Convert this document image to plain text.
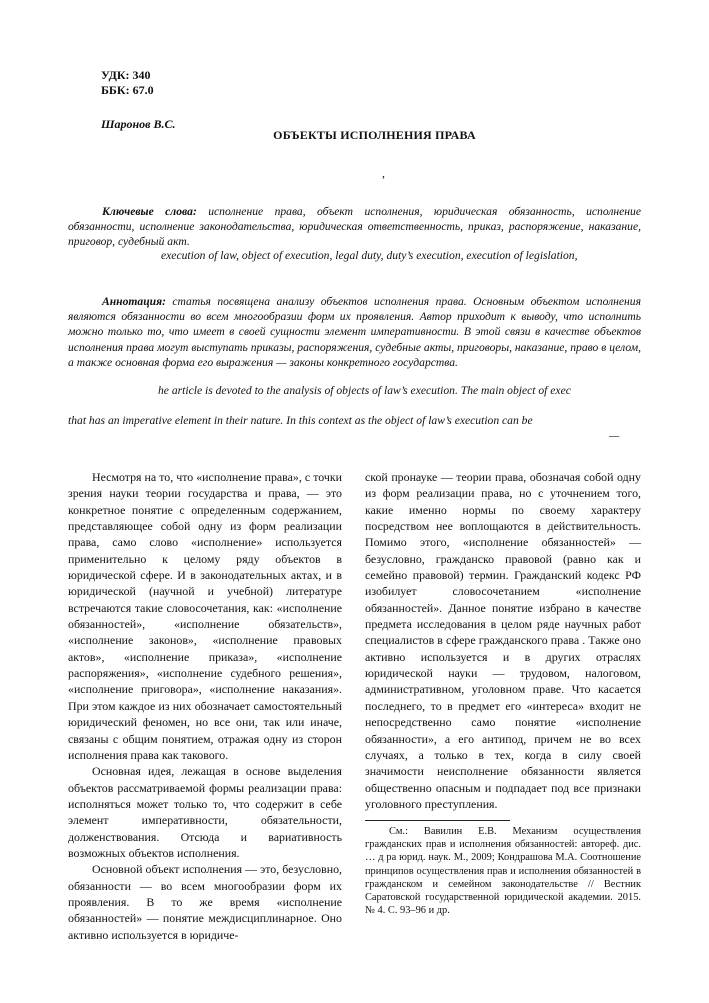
УДК: 340
ББК: 67.0
Шаронов В.С.
ОБЪЕКТЫ ИСПОЛНЕНИЯ ПРАВА
,
Ключевые слова: исполнение права, объект исполнения, юридическая обязанность, исполнение обязанности, исполнение законодательства, юридическая ответственность, приказ, распоряжение, наказание, приговор, судебный акт.
execution of law, object of execution, legal duty, duty’s execution, execution of legislation,
Аннотация: статья посвящена анализу объектов исполнения права. Основным объектом исполнения являются обязанности во всем многообразии форм их проявления. Автор приходит к выводу, что исполнить можно только то, что имеет в своей сущности элемент императивности. В этой связи в качестве объектов исполнения права могут выступать приказы, распоряжения, судебные акты, приговоры, наказание, право в целом, а также основная форма его выражения — законы конкретного государства.
he article is devoted to the analysis of objects of law’s execution. The main object of exec
that has an imperative element in their nature. In this context as the object of law’s execution can be
—

Несмотря на то, что «исполнение права», с точки зрения науки теории государства и права, — это конкретное понятие с определенным содержанием, представляющее собой одну из форм реализации права, само слово «исполнение» используется применительно к целому ряду объектов в юридической сфере. И в законодательных актах, и в юридической (научной и учебной) литературе встречаются такие словосочетания, как: «исполнение обязанностей», «исполнение обязательств», «исполнение законов», «исполнение правовых актов», «исполнение приказа», «исполнение распоряжения», «исполнение судебного решения», «исполнение приговора», «исполнение наказания». При этом каждое из них обозначает самостоятельный юридический феномен, но все они, так или иначе, связаны с общим понятием, отражая одну из сторон исполнения права как такового.

Основная идея, лежащая в основе выделения объектов рассматриваемой формы реализации права: исполняться может только то, что содержит в себе элемент императивности, обязательности, долженствования. Отсюда и вариативность возможных объектов исполнения.

Основной объект исполнения — это, безусловно, обязанности — во всем многообразии форм их проявления. В то же время «исполнение обязанностей» — понятие междисциплинарное. Оно активно используется в юридиче-

ской пронауке — теории права, обозначая собой одну из форм реализации права, но с уточнением того, какие именно нормы по своему характеру посредством нее воплощаются в действительность. Помимо этого, «исполнение обязанностей» — безусловно, гражданско правовой (равно как и семейно правовой) термин. Гражданский кодекс РФ изобилует словосочетанием «исполнение обязанностей». Данное понятие избрано в качестве предмета исследования в целом ряде научных работ специалистов в сфере гражданского права . Также оно активно используется и в других отраслях юридической науки — трудовом, налоговом, административном, уголовном праве. Что касается последнего, то в предмет его «интереса» входит не непосредственно само понятие «исполнение обязанности», а его антипод, причем не во всех случаях, а только в тех, когда в силу своей значимости неисполнение обязанности является общественно опасным и подпадает под все признаки уголовного преступления.

См.: Вавилин Е.В. Механизм осуществления гражданских прав и исполнения обязанностей: автореф. дис. … д ра юрид. наук. М., 2009; Кондрашова М.А. Соотношение принципов осуществления прав и исполнения обязанностей в гражданском и семейном законодательстве // Вестник Саратовской государственной юридической академии. 2015. № 4. С. 93–96 и др.
